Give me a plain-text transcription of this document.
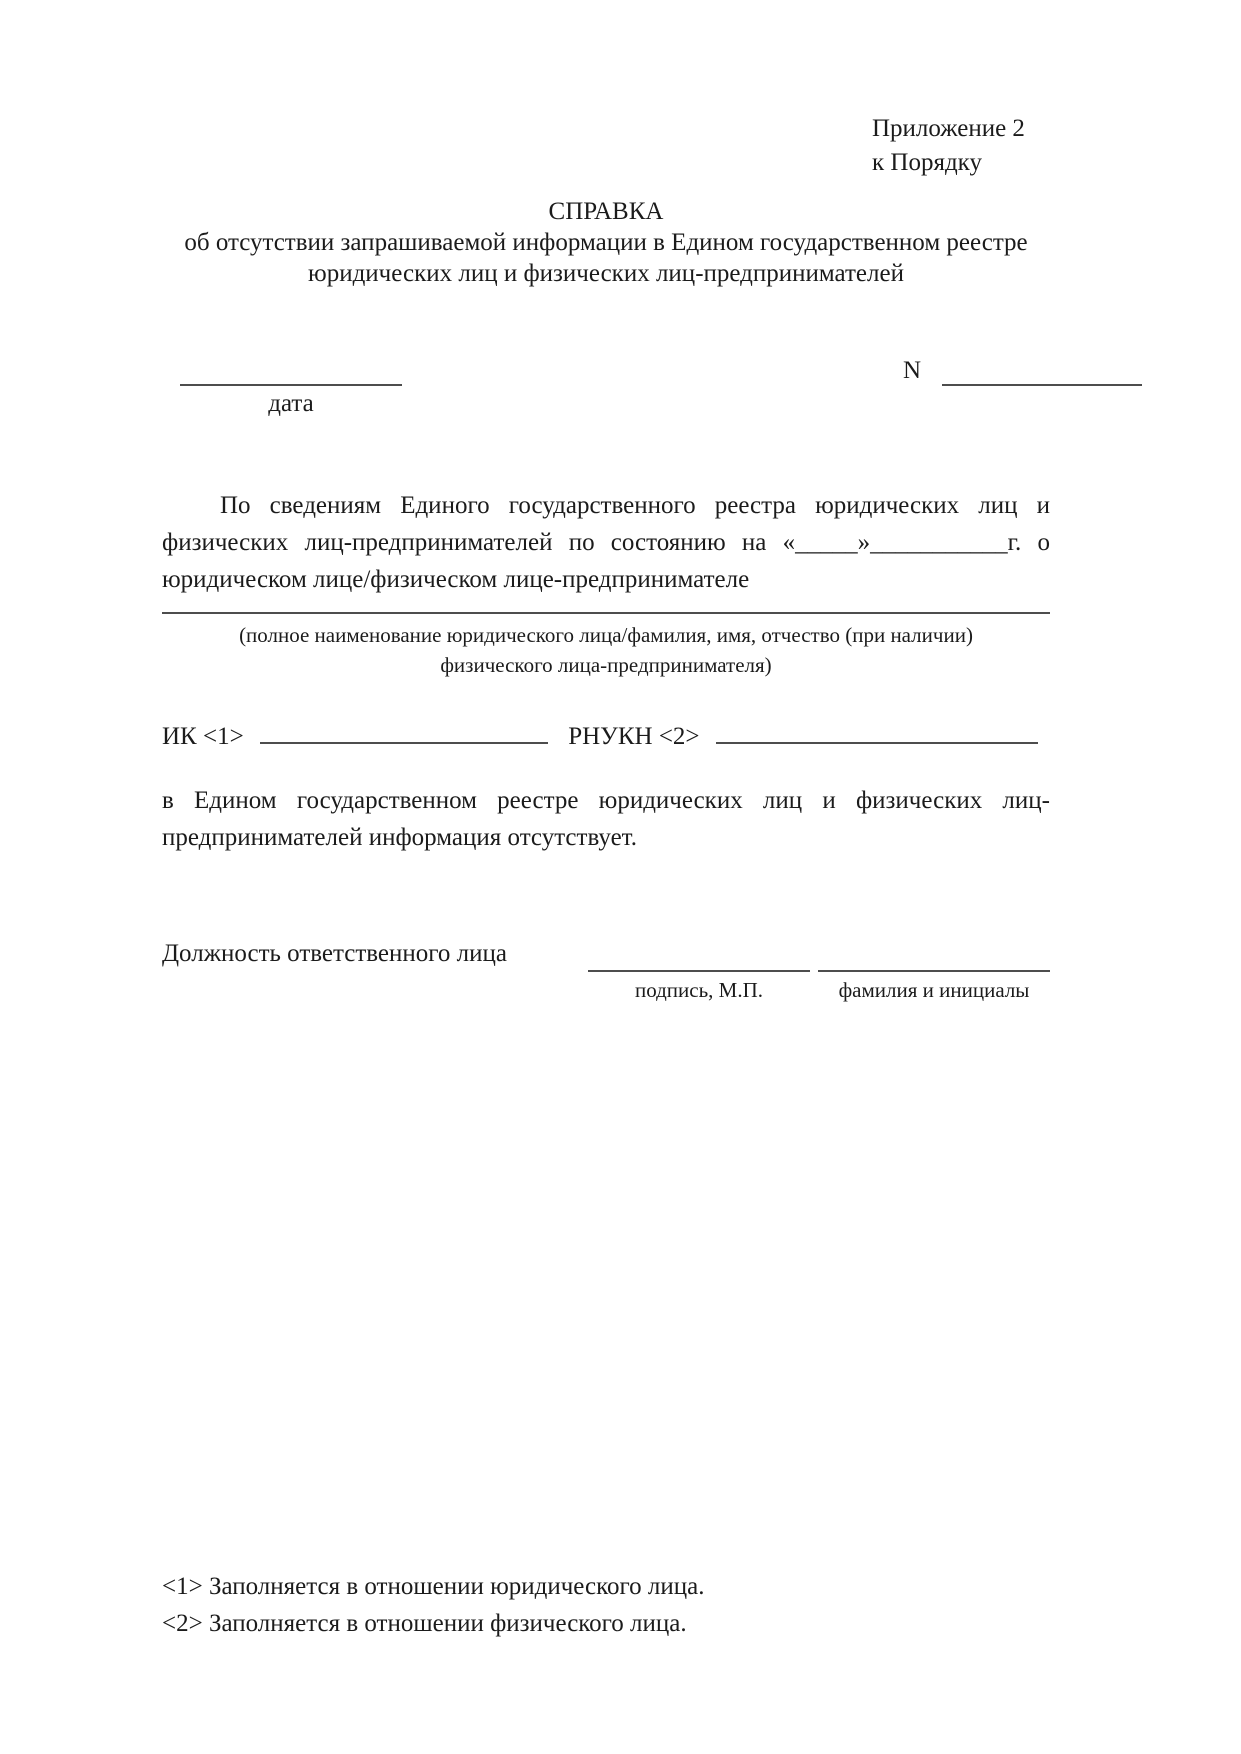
Приложение 2
к Порядку
СПРАВКА
об отсутствии запрашиваемой информации в Едином государственном реестре
юридических лиц и физических лиц-предпринимателей
дата
N
По сведениям Единого государственного реестра юридических лиц и
физических лиц-предпринимателей по состоянию на «_____»___________г. о
юридическом лице/физическом лице-предпринимателе
(полное наименование юридического лица/фамилия, имя, отчество (при наличии)
физического лица-предпринимателя)
ИК <1>	РНУКН <2>
в Едином государственном реестре юридических лиц и физических лиц-
предпринимателей информация отсутствует.
Должность ответственного лица
подпись, М.П.	фамилия и инициалы
<1> Заполняется в отношении юридического лица.
<2> Заполняется в отношении физического лица.
